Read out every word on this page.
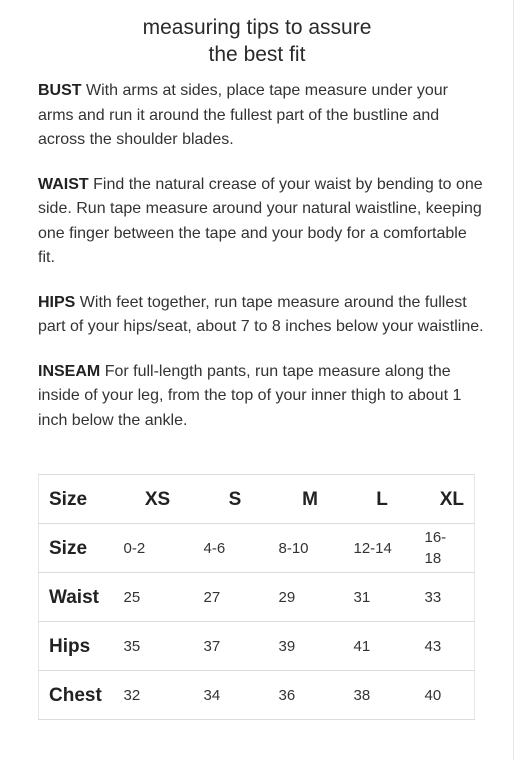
measuring tips to assure
the best fit

BUST With arms at sides, place tape measure under your arms and run it around the fullest part of the bustline and across the shoulder blades.

WAIST Find the natural crease of your waist by bending to one side. Run tape measure around your natural waistline, keeping one finger between the tape and your body for a comfortable fit.

HIPS With feet together, run tape measure around the fullest part of your hips/seat, about 7 to 8 inches below your waistline.

INSEAM For full-length pants, run tape measure along the inside of your leg, from the top of your inner thigh to about 1 inch below the ankle.

Size	XS	S	M	L	XL
Size	0-2	4-6	8-10	12-14	16-18
Waist	25	27	29	31	33
Hips	35	37	39	41	43
Chest	32	34	36	38	40
